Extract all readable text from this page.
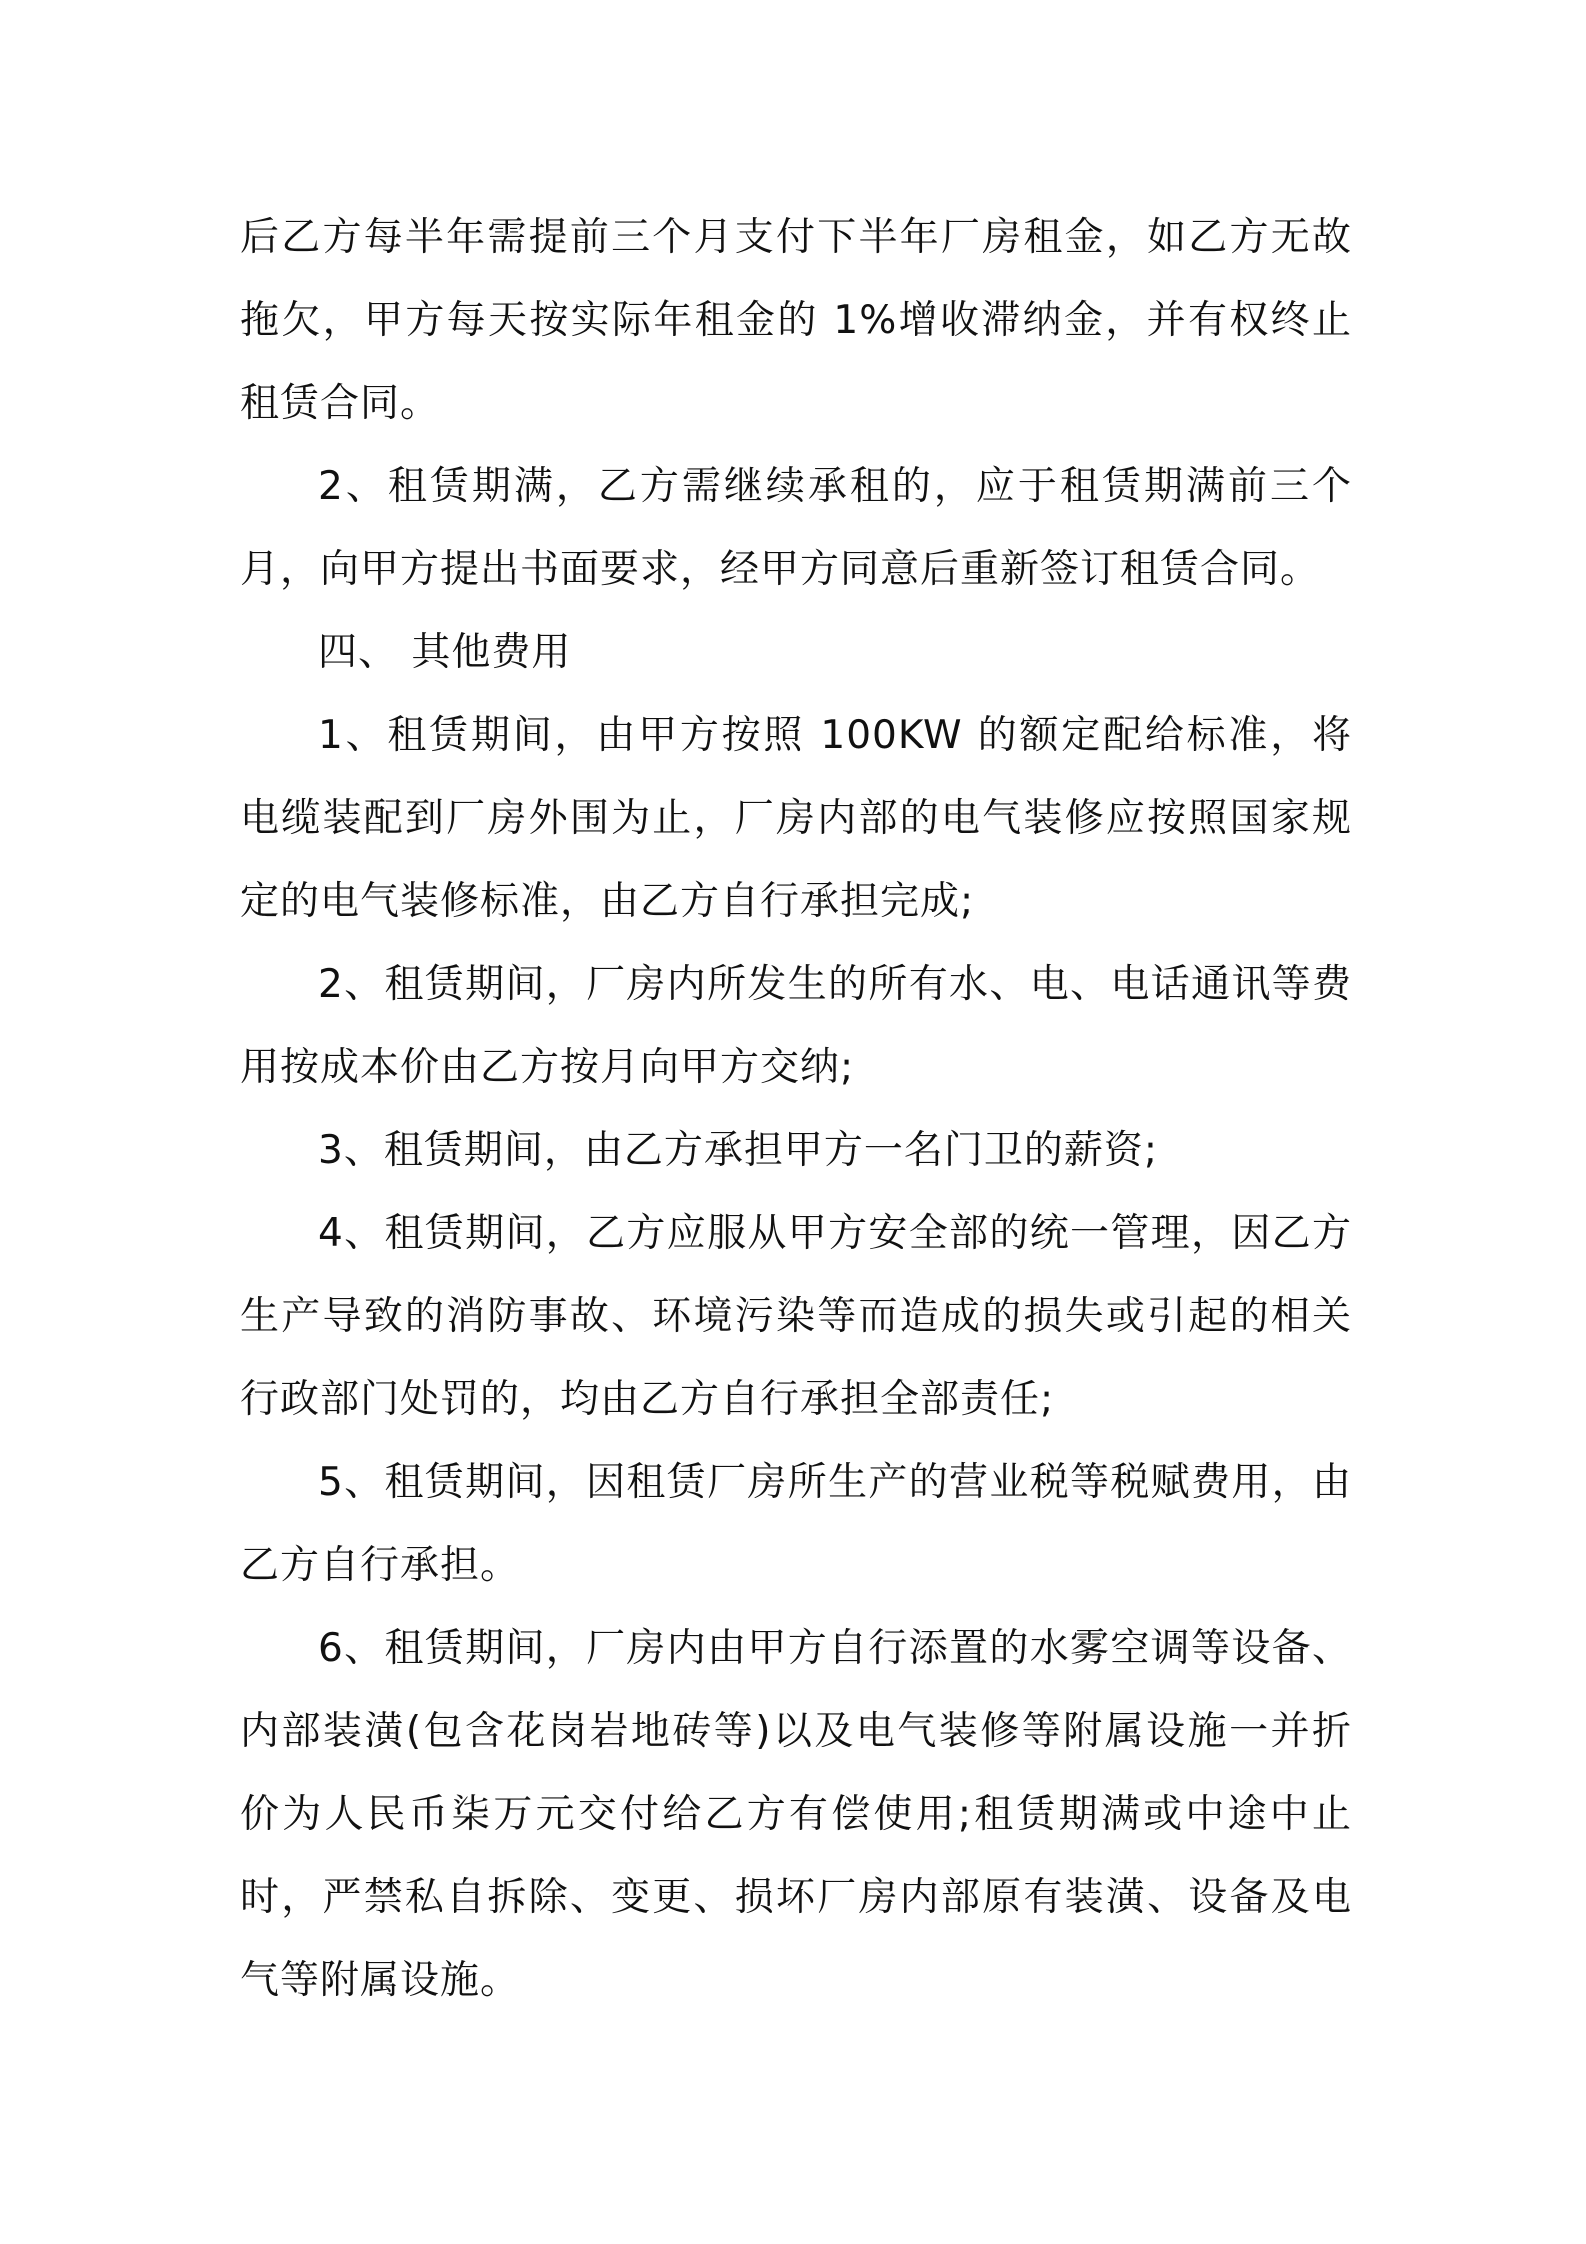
后乙方每半年需提前三个月支付下半年厂房租金，如乙方无故拖欠，甲方每天按实际年租金的 1%增收滞纳金，并有权终止租赁合同。

2、租赁期满，乙方需继续承租的，应于租赁期满前三个月，向甲方提出书面要求，经甲方同意后重新签订租赁合同。

四、 其他费用

1、租赁期间，由甲方按照 100KW 的额定配给标准，将电缆装配到厂房外围为止，厂房内部的电气装修应按照国家规定的电气装修标准，由乙方自行承担完成;

2、租赁期间，厂房内所发生的所有水、电、电话通讯等费用按成本价由乙方按月向甲方交纳;

3、租赁期间，由乙方承担甲方一名门卫的薪资;

4、租赁期间，乙方应服从甲方安全部的统一管理，因乙方生产导致的消防事故、环境污染等而造成的损失或引起的相关行政部门处罚的，均由乙方自行承担全部责任;

5、租赁期间，因租赁厂房所生产的营业税等税赋费用，由乙方自行承担。

6、租赁期间，厂房内由甲方自行添置的水雾空调等设备、内部装潢(包含花岗岩地砖等)以及电气装修等附属设施一并折价为人民币柒万元交付给乙方有偿使用;租赁期满或中途中止时，严禁私自拆除、变更、损坏厂房内部原有装潢、设备及电气等附属设施。
